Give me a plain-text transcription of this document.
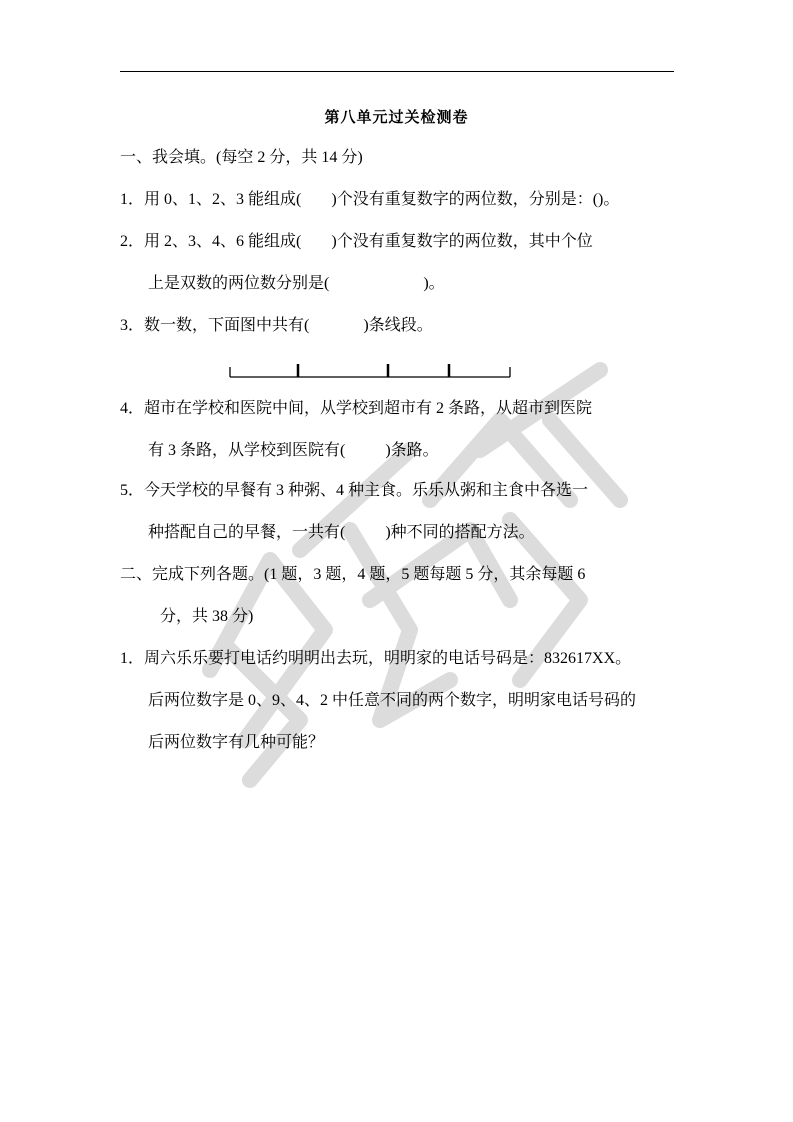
第八单元过关检测卷
一、我会填。(每空 2 分，共 14 分)
1．用 0、1、2、3 能组成( )个没有重复数字的两位数，分别是：()。
2．用 2、3、4、6 能组成( )个没有重复数字的两位数，其中个位
上是双数的两位数分别是(	)。
3．数一数，下面图中共有(	)条线段。
4．超市在学校和医院中间，从学校到超市有 2 条路，从超市到医院
有 3 条路，从学校到医院有(	)条路。
5．今天学校的早餐有 3 种粥、4 种主食。乐乐从粥和主食中各选一
种搭配自己的早餐，一共有(	)种不同的搭配方法。
二、完成下列各题。(1 题，3 题，4 题，5 题每题 5 分，其余每题 6
分，共 38 分)
1．周六乐乐要打电话约明明出去玩，明明家的电话号码是：832617XX。
后两位数字是 0、9、4、2 中任意不同的两个数字，明明家电话号码的
后两位数字有几种可能？
